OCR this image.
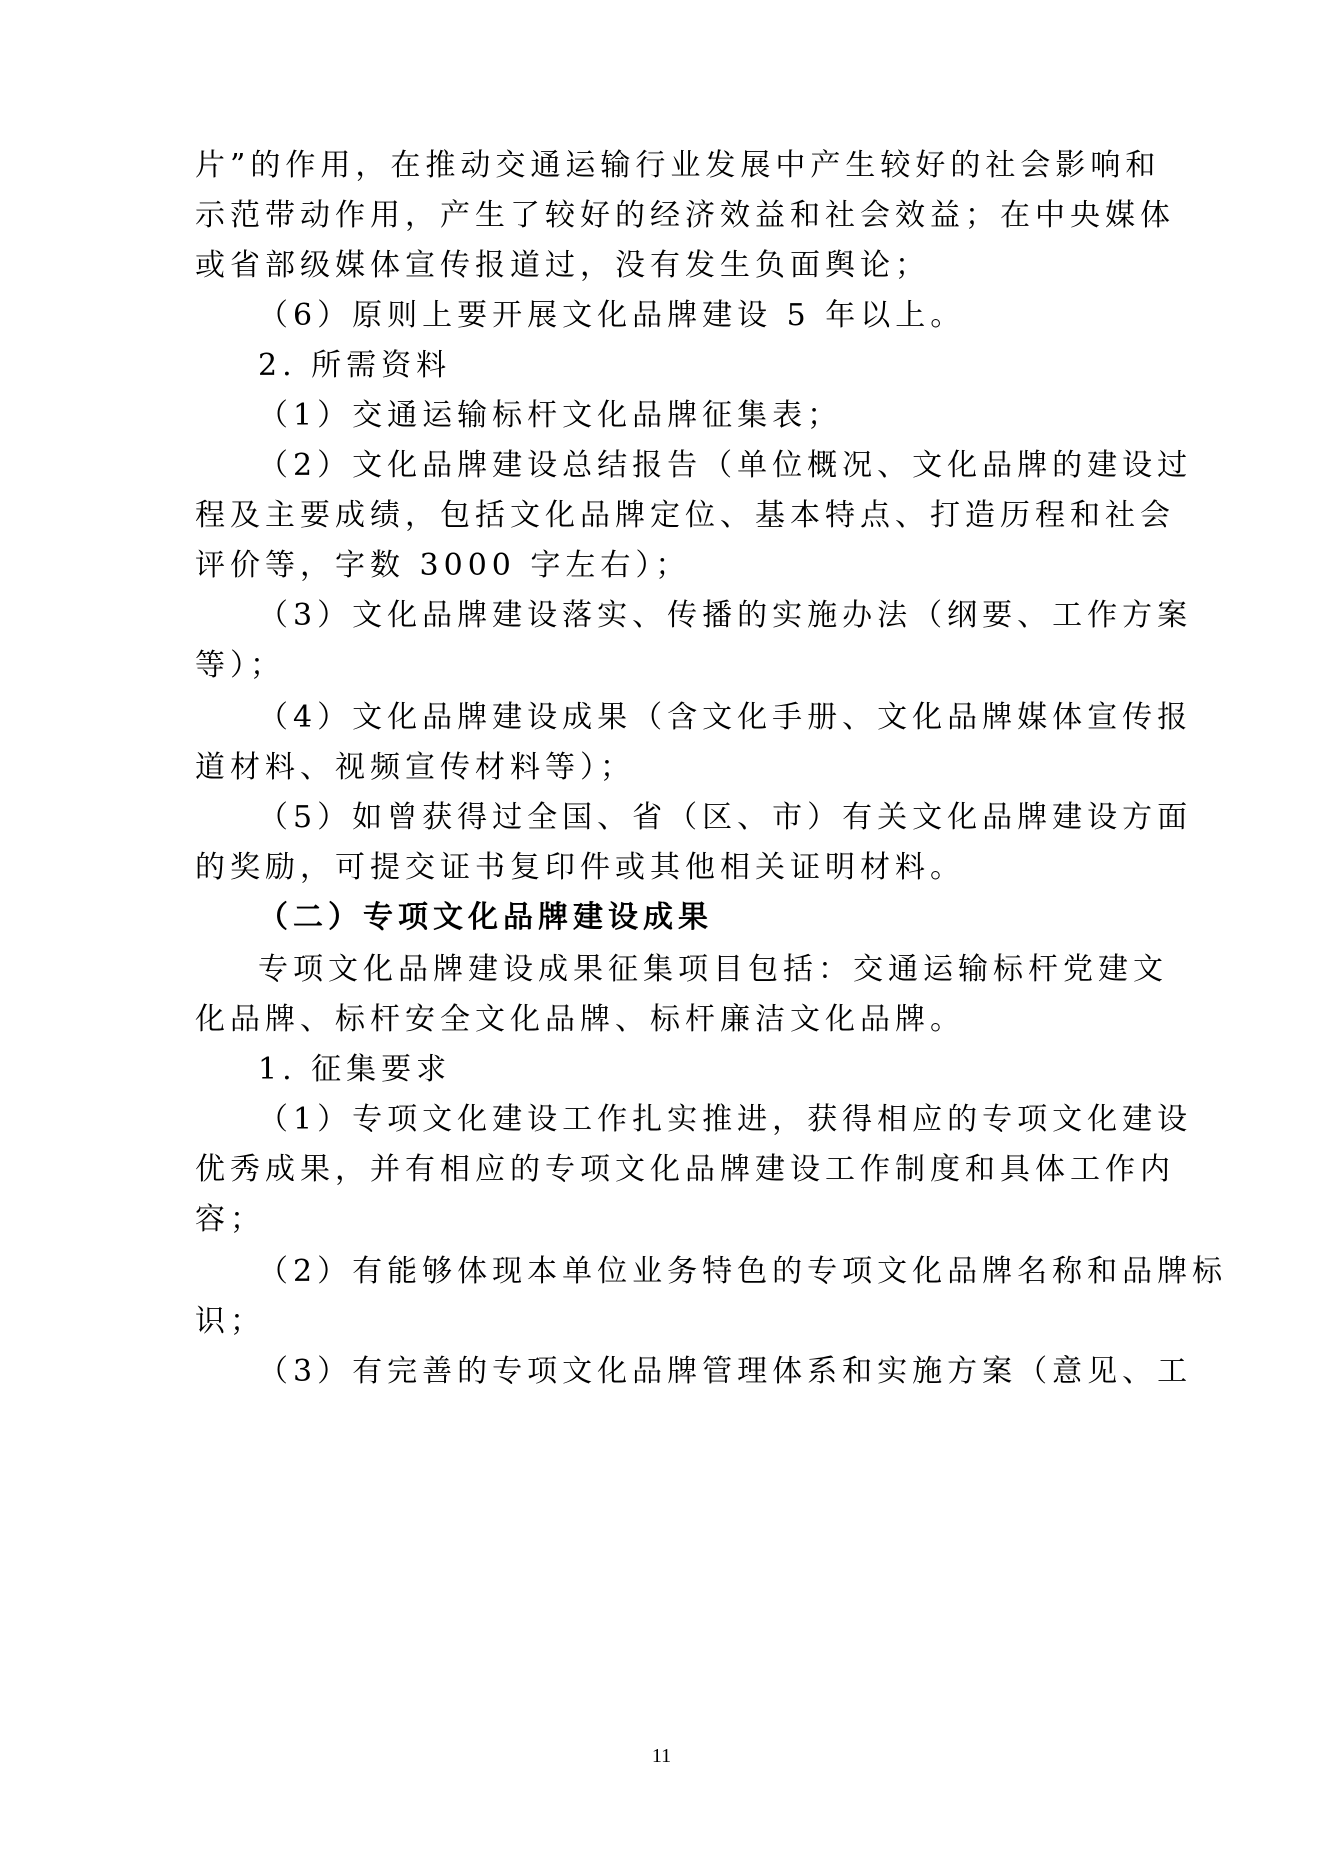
片”的作用，在推动交通运输行业发展中产生较好的社会影响和
示范带动作用，产生了较好的经济效益和社会效益；在中央媒体
或省部级媒体宣传报道过，没有发生负面舆论；
（6）原则上要开展文化品牌建设 5 年以上。
2. 所需资料
（1）交通运输标杆文化品牌征集表；
（2）文化品牌建设总结报告（单位概况、文化品牌的建设过
程及主要成绩，包括文化品牌定位、基本特点、打造历程和社会
评价等，字数 3000 字左右）；
（3）文化品牌建设落实、传播的实施办法（纲要、工作方案
等）；
（4）文化品牌建设成果（含文化手册、文化品牌媒体宣传报
道材料、视频宣传材料等）；
（5）如曾获得过全国、省（区、市）有关文化品牌建设方面
的奖励，可提交证书复印件或其他相关证明材料。
（二）专项文化品牌建设成果
专项文化品牌建设成果征集项目包括：交通运输标杆党建文
化品牌、标杆安全文化品牌、标杆廉洁文化品牌。
1. 征集要求
（1）专项文化建设工作扎实推进，获得相应的专项文化建设
优秀成果，并有相应的专项文化品牌建设工作制度和具体工作内
容；
（2）有能够体现本单位业务特色的专项文化品牌名称和品牌标
识；
（3）有完善的专项文化品牌管理体系和实施方案（意见、工
11
